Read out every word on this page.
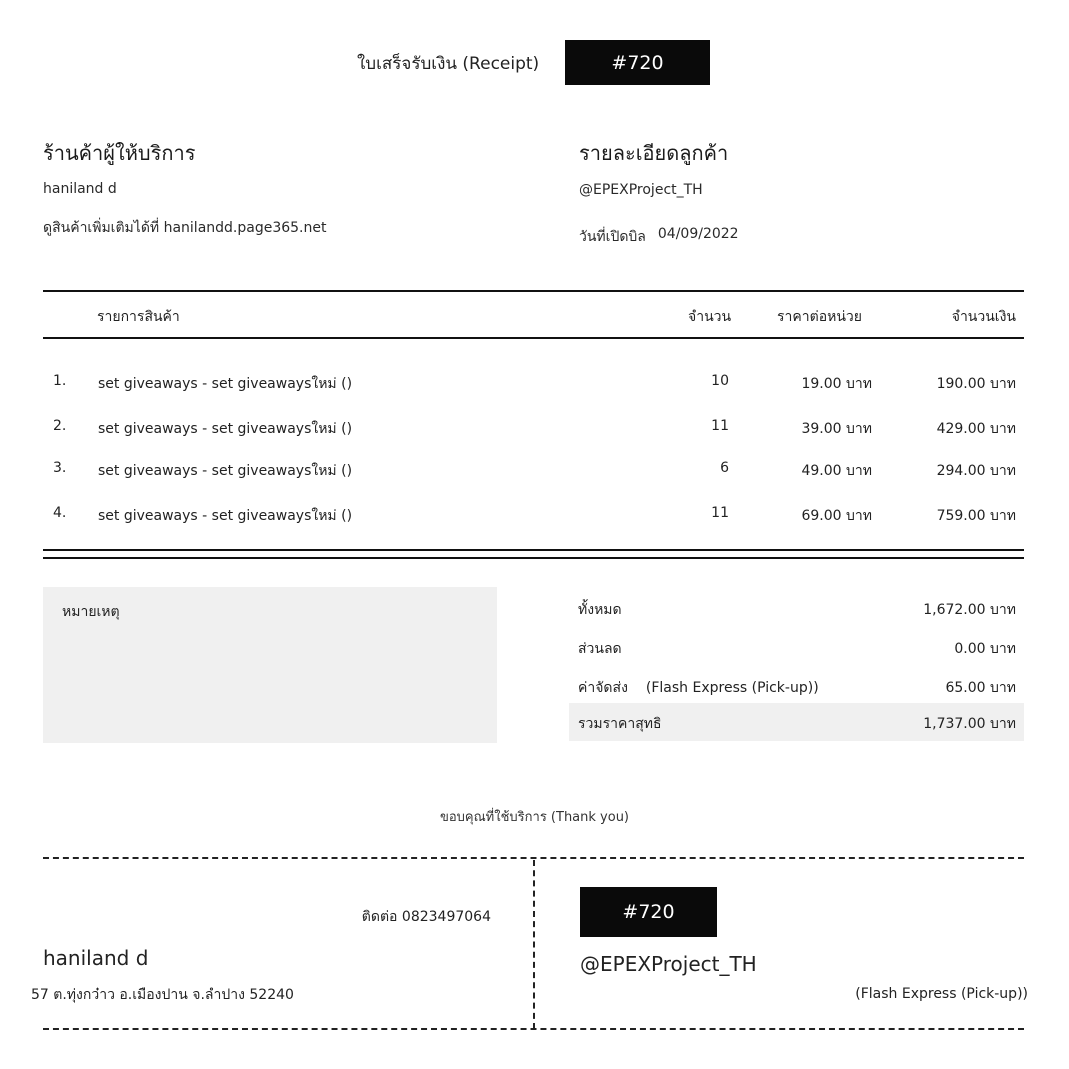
ใบเสร็จรับเงิน (Receipt)	#720
ร้านค้าผู้ให้บริการ
haniland d
ดูสินค้าเพิ่มเติมได้ที่ hanilandd.page365.net
รายละเอียดลูกค้า
@EPEXProject_TH
วันที่เปิดบิล 04/09/2022
รายการสินค้า	จำนวน	ราคาต่อหน่วย	จำนวนเงิน
1. set giveaways - set giveawaysใหม่ ()	10	19.00 บาท	190.00 บาท
2. set giveaways - set giveawaysใหม่ ()	11	39.00 บาท	429.00 บาท
3. set giveaways - set giveawaysใหม่ ()	6	49.00 บาท	294.00 บาท
4. set giveaways - set giveawaysใหม่ ()	11	69.00 บาท	759.00 บาท
หมายเหตุ	ทั้งหมด	1,672.00 บาท
ส่วนลด	0.00 บาท
ค่าจัดส่ง (Flash Express (Pick-up))	65.00 บาท
รวมราคาสุทธิ	1,737.00 บาท
ขอบคุณที่ใช้บริการ (Thank you)
ติดต่อ 0823497064
haniland d
57 ต.ทุ่งกว๋าว อ.เมืองปาน จ.ลำปาง 52240
#720
@EPEXProject_TH
(Flash Express (Pick-up))
